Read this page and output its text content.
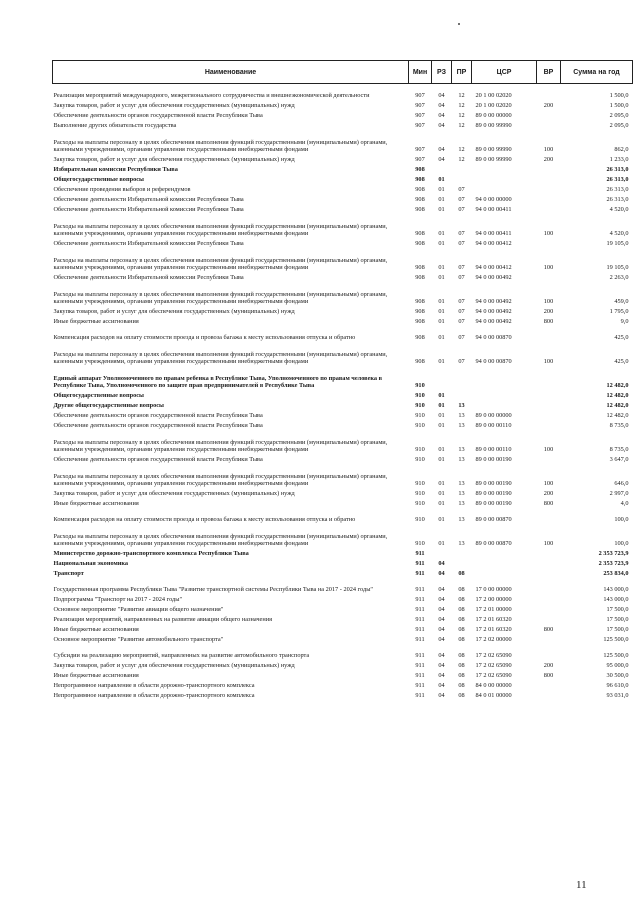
Наименование	Мин	РЗ	ПР	ЦСР	ВР	Сумма на год
Реализация мероприятий международного, межрегионального сотрудничества и внешнеэкономической деятельности	907	04	12	20 1 00 02020		1 500,0
Закупка товаров, работ и услуг для обеспечения государственных (муниципальных) нужд	907	04	12	20 1 00 02020	200	1 500,0
Обеспечение деятельности органов государственной власти Республики Тыва	907	04	12	89 0 00 00000		2 095,0
Выполнение других обязательств государства	907	04	12	89 0 00 99990		2 095,0
Расходы на выплаты персоналу в целях обеспечения выполнения функций государственными (муниципальными) органами, казенными учреждениями, органами управления государственными внебюджетными фондами	907	04	12	89 0 00 99990	100	862,0
Закупка товаров, работ и услуг для обеспечения государственных (муниципальных) нужд	907	04	12	89 0 00 99990	200	1 233,0
Избирательная комиссия Республики Тыва	908					26 313,0
Общегосударственные вопросы	908	01				26 313,0
Обеспечение проведения выборов и референдумов	908	01	07			26 313,0
Обеспечение деятельности Избирательной комиссии Республики Тыва	908	01	07	94 0 00 00000		26 313,0
Обеспечение деятельности Избирательной комиссии Республики Тыва	908	01	07	94 0 00 00411		4 520,0
Расходы на выплаты персоналу в целях обеспечения выполнения функций государственными (муниципальными) органами, казенными учреждениями, органами управления государственными внебюджетными фондами	908	01	07	94 0 00 00411	100	4 520,0
Обеспечение деятельности Избирательной комиссии Республики Тыва	908	01	07	94 0 00 00412		19 105,0
Расходы на выплаты персоналу в целях обеспечения выполнения функций государственными (муниципальными) органами, казенными учреждениями, органами управления государственными внебюджетными фондами	908	01	07	94 0 00 00412	100	19 105,0
Обеспечение деятельности Избирательной комиссии Республики Тыва	908	01	07	94 0 00 00492		2 263,0
Расходы на выплаты персоналу в целях обеспечения выполнения функций государственными (муниципальными) органами, казенными учреждениями, органами управления государственными внебюджетными фондами	908	01	07	94 0 00 00492	100	459,0
Закупка товаров, работ и услуг для обеспечения государственных (муниципальных) нужд	908	01	07	94 0 00 00492	200	1 795,0
Иные бюджетные ассигнования	908	01	07	94 0 00 00492	800	9,0
Компенсация расходов на оплату стоимости проезда и провоза багажа к месту использования отпуска и обратно	908	01	07	94 0 00 00870		425,0
Расходы на выплаты персоналу в целях обеспечения выполнения функций государственными (муниципальными) органами, казенными учреждениями, органами управления государственными внебюджетными фондами	908	01	07	94 0 00 00870	100	425,0
Единый аппарат Уполномоченного по правам ребенка в Республике Тыва, Уполномоченного по правам человека в Республике Тыва, Уполномоченного по защите прав предпринимателей в Республике Тыва	910					12 482,0
Общегосударственные вопросы	910	01				12 482,0
Другие общегосударственные вопросы	910	01	13			12 482,0
Обеспечение деятельности органов государственной власти Республики Тыва	910	01	13	89 0 00 00000		12 482,0
Обеспечение деятельности органов государственной власти Республики Тыва	910	01	13	89 0 00 00110		8 735,0
Расходы на выплаты персоналу в целях обеспечения выполнения функций государственными (муниципальными) органами, казенными учреждениями, органами управления государственными внебюджетными фондами	910	01	13	89 0 00 00110	100	8 735,0
Обеспечение деятельности органов государственной власти Республики Тыва	910	01	13	89 0 00 00190		3 647,0
Расходы на выплаты персоналу в целях обеспечения выполнения функций государственными (муниципальными) органами, казенными учреждениями, органами управления государственными внебюджетными фондами	910	01	13	89 0 00 00190	100	646,0
Закупка товаров, работ и услуг для обеспечения государственных (муниципальных) нужд	910	01	13	89 0 00 00190	200	2 997,0
Иные бюджетные ассигнования	910	01	13	89 0 00 00190	800	4,0
Компенсация расходов на оплату стоимости проезда и провоза багажа к месту использования отпуска и обратно	910	01	13	89 0 00 00870		100,0
Расходы на выплаты персоналу в целях обеспечения выполнения функций государственными (муниципальными) органами, казенными учреждениями, органами управления государственными внебюджетными фондами	910	01	13	89 0 00 00870	100	100,0
Министерство дорожно-транспортного комплекса Республики Тыва	911					2 353 723,9
Национальная экономика	911	04				2 353 723,9
Транспорт	911	04	08			253 834,0
Государственная программа Республики Тыва "Развитие транспортной системы Республики Тыва на 2017 - 2024 годы"	911	04	08	17 0 00 00000		143 000,0
Подпрограмма "Транспорт на 2017 - 2024 годы"	911	04	08	17 2 00 00000		143 000,0
Основное мероприятие "Развитие авиации общего назначения"	911	04	08	17 2 01 00000		17 500,0
Реализация мероприятий, направленных на развитие авиации общего назначения	911	04	08	17 2 01 60320		17 500,0
Иные бюджетные ассигнования	911	04	08	17 2 01 60320	800	17 500,0
Основное мероприятие "Развитие автомобильного транспорта"	911	04	08	17 2 02 00000		125 500,0
Субсидии на реализацию мероприятий, направленных на развитие автомобильного транспорта	911	04	08	17 2 02 65090		125 500,0
Закупка товаров, работ и услуг для обеспечения государственных (муниципальных) нужд	911	04	08	17 2 02 65090	200	95 000,0
Иные бюджетные ассигнования	911	04	08	17 2 02 65090	800	30 500,0
Непрограммное направление в области дорожно-транспортного комплекса	911	04	08	84 0 00 00000		96 610,0
Непрограммное направление в области дорожно-транспортного комплекса	911	04	08	84 0 01 00000		93 031,0
11
